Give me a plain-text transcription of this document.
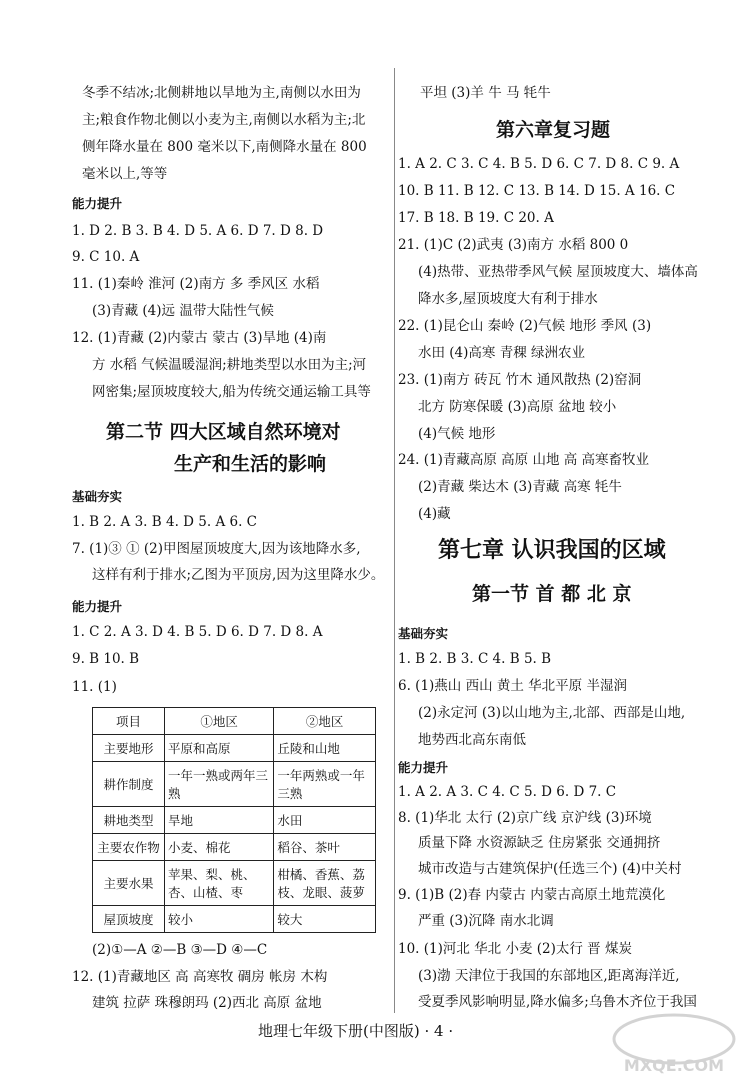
冬季不结冰;北侧耕地以旱地为主,南侧以水田为
主;粮食作物北侧以小麦为主,南侧以水稻为主;北
侧年降水量在 800 毫米以下,南侧降水量在 800
毫米以上,等等
能力提升
1. D 2. B 3. B 4. D 5. A 6. D 7. D 8. D
9. C 10. A
11. (1)秦岭 淮河 (2)南方 多 季风区 水稻
(3)青藏 (4)远 温带大陆性气候
12. (1)青藏 (2)内蒙古 蒙古 (3)旱地 (4)南
方 水稻 气候温暖湿润;耕地类型以水田为主;河
网密集;屋顶坡度较大,船为传统交通运输工具等
第二节 四大区域自然环境对
生产和生活的影响
基础夯实
1. B 2. A 3. B 4. D 5. A 6. C
7. (1)③ ① (2)甲图屋顶坡度大,因为该地降水多,
这样有利于排水;乙图为平顶房,因为这里降水少。
能力提升
1. C 2. A 3. D 4. B 5. D 6. D 7. D 8. A
9. B 10. B
11. (1)
项目	①地区	②地区
主要地形	平原和高原	丘陵和山地
耕作制度	一年一熟或两年三熟	一年两熟或一年三熟
耕地类型	旱地	水田
主要农作物	小麦、棉花	稻谷、茶叶
主要水果	苹果、梨、桃、杏、山楂、枣	柑橘、香蕉、荔枝、龙眼、菠萝
屋顶坡度	较小	较大
(2)①—A ②—B ③—D ④—C
12. (1)青藏地区 高 高寒牧 碉房 帐房 木构
建筑 拉萨 珠穆朗玛 (2)西北 高原 盆地
平坦 (3)羊 牛 马 牦牛
第六章复习题
1. A 2. C 3. C 4. B 5. D 6. C 7. D 8. C 9. A
10. B 11. B 12. C 13. B 14. D 15. A 16. C
17. B 18. B 19. C 20. A
21. (1)C (2)武夷 (3)南方 水稻 800 0
(4)热带、亚热带季风气候 屋顶坡度大、墙体高
降水多,屋顶坡度大有利于排水
22. (1)昆仑山 秦岭 (2)气候 地形 季风 (3)
水田 (4)高寒 青稞 绿洲农业
23. (1)南方 砖瓦 竹木 通风散热 (2)窑洞
北方 防寒保暖 (3)高原 盆地 较小
(4)气候 地形
24. (1)青藏高原 高原 山地 高 高寒畜牧业
(2)青藏 柴达木 (3)青藏 高寒 牦牛
(4)藏
第七章 认识我国的区域
第一节 首 都 北 京
基础夯实
1. B 2. B 3. C 4. B 5. B
6. (1)燕山 西山 黄土 华北平原 半湿润
(2)永定河 (3)以山地为主,北部、西部是山地,
地势西北高东南低
能力提升
1. A 2. A 3. C 4. C 5. D 6. D 7. C
8. (1)华北 太行 (2)京广线 京沪线 (3)环境
质量下降 水资源缺乏 住房紧张 交通拥挤
城市改造与古建筑保护(任选三个) (4)中关村
9. (1)B (2)春 内蒙古 内蒙古高原土地荒漠化
严重 (3)沉降 南水北调
10. (1)河北 华北 小麦 (2)太行 晋 煤炭
(3)渤 天津位于我国的东部地区,距离海洋近,
受夏季风影响明显,降水偏多;乌鲁木齐位于我国
地理七年级下册(中图版) · 4 ·
MXQE.COM
